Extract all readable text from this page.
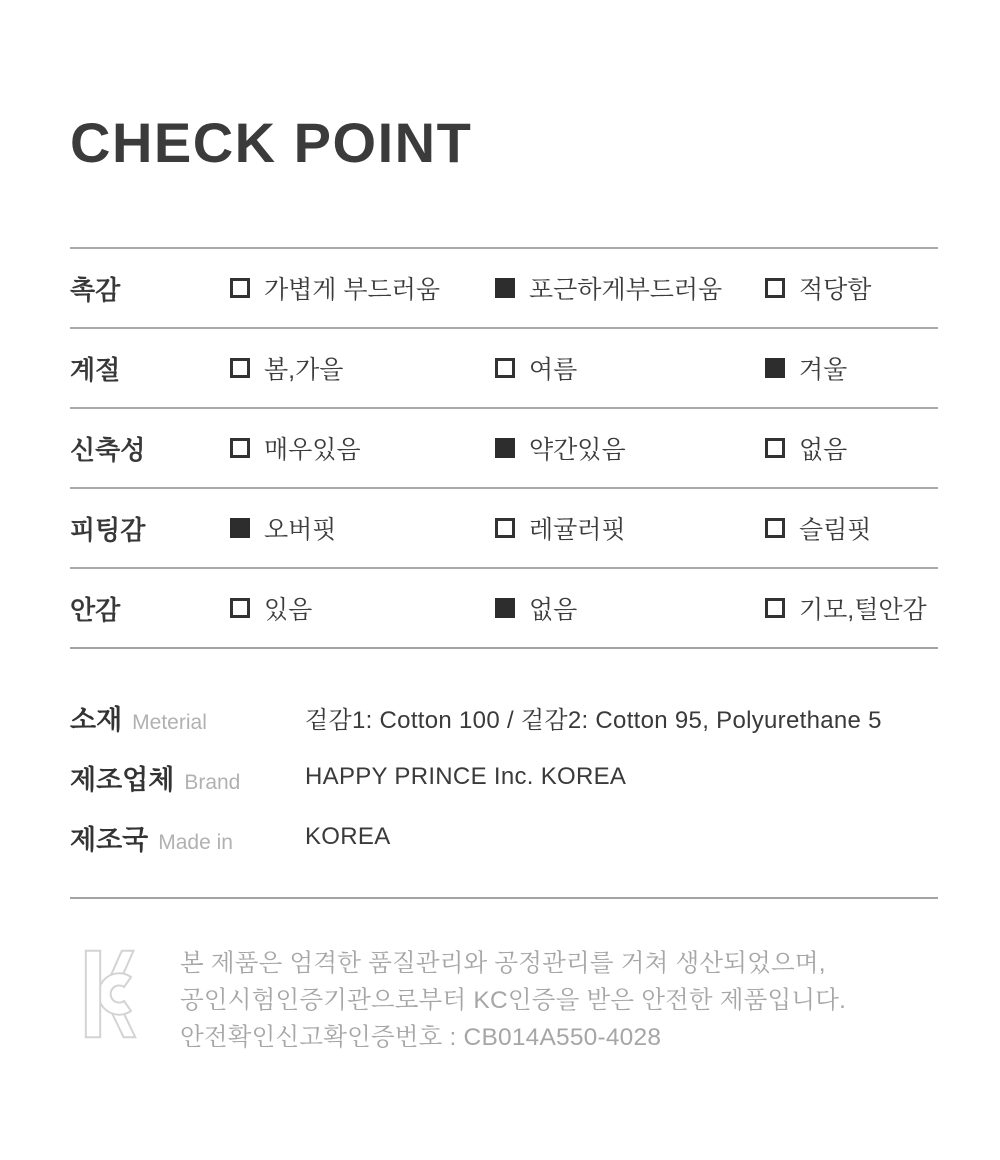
CHECK POINT
촉감	가볍게 부드러움	포근하게부드러움	적당함
계절	봄,가을	여름	겨울
신축성	매우있음	약간있음	없음
피팅감	오버핏	레귤러핏	슬림핏
안감	있음	없음	기모,털안감
소재 Meterial	겉감1: Cotton 100 / 겉감2: Cotton 95, Polyurethane 5
제조업체 Brand	HAPPY PRINCE Inc. KOREA
제조국 Made in	KOREA
본 제품은 엄격한 품질관리와 공정관리를 거쳐 생산되었으며,
공인시험인증기관으로부터 KC인증을 받은 안전한 제품입니다.
안전확인신고확인증번호 : CB014A550-4028
